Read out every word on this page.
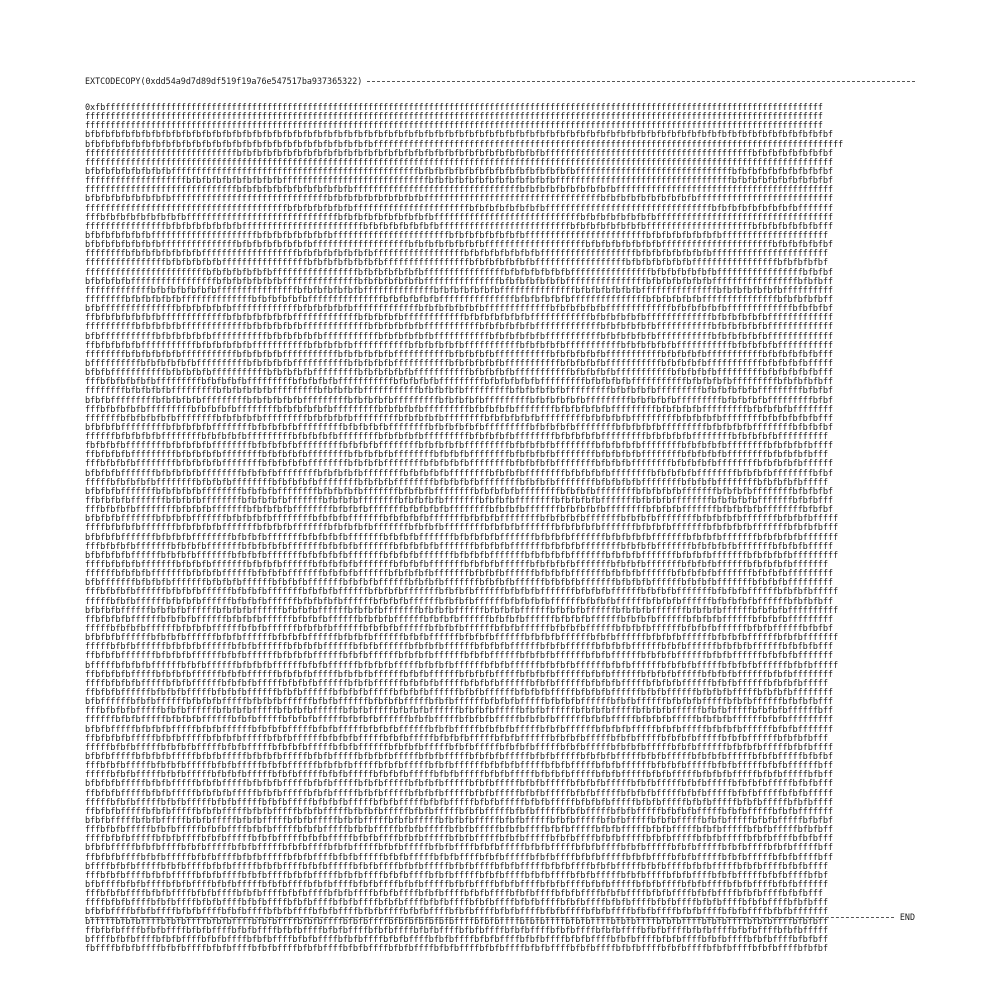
EXTCODECOPY(0xdd54a9d7d89df519f19a76e547517ba937365322)
0xfbffffffffffffffffffffffffffffffffffffffffffffffffffffffffffffffffffffffffffffffffffffffffffffffffffffffffffffffffffffffffffffffffffffffffffffff
ffffffffffffffffffffffffffffffffffffffffffffffffffffffffffffffffffffffffffffffffffffffffffffffffffffffffffffffffffffffffffffffffffffffffffffffffff
ffffffffffffffffffffffffffffffffffffffffffffffffffffffffffffffffffffffffffffffffffffffffffffffffffffffffffffffffffffffffffffffffffffffffffffffffff
bfbfbfbfbfbfbfbfbfbfbfbfbfbfbfbfbfbfbfbfbfbfbfbfbfbfbfbfbfbfbfbfbfbfbfbfbfbfbfbfbfbfbfbfbfbfbfbfbfbfbfbfbfbfbfbfbfbfbfbfbfbfbfbfbfbfbfbfbfbfbfbfbfbf
bfbfbfbfbfbfbfbfbfbfbfbfbfbfbfbfbfbfbfbfbfbfbfbfbfbfbfbfbfffffffffffffffffffffffffffffffffffffffffffffffffffffffffffffffffffffffffffffffffffffffffffff
ffffffffffffffffffffffffffffffbfbfbfbfbfbfbfbfbfbfbfbfbfbfbfbfbfbfbfbfbfbfbfbfbfbfbfbfbfbfbfffffffffffffffffffffffffffffffffffffffffbfbfbfbfbfbfbfbf
ffffffffffffffffffffffffffffffffffffffffffffffffffffffffffffffffffffffffffffffffffffffffffffffffffffffffffffffffffffffffffffffffffffffffffffffffffff
bfbfbfbfbfbfbfbfbfffffffffffffffffffffffffffffffffffffffffffffffffbfbfbfbfbfbfbfbfbfbfbfbfbfbfbfbfffffffffffffffffffffffffffffffbfbfbfbfbfbfbfbfbfbf
ffffffffffffffffffffbfbfbfbfbfbfbfbfbfbfffffffffffffffffffffffffffffbfbfbfbfbfbfbfbfbfbfbfbfbfffffffffffffffffffffffffffffffffffbfbfbfbfbfbfbfbfbfbf
ffffffffffffffffffffffffffffffbfbfbfbfbfbfbfbfbfbfbfbfffffffffffffffffffffffffffffffffbfbfbfbfbfbfbfbfbfbfffffffffffffffffffffffffffffffffffffffffff
bfbfbfbfbfbfbfbfbfffffffffffffffffffffffffffffffbfbfbfbfbfbfbfbfbfbfffffffffffffffffffffffffffffffffffbfbfbfbfbfbfbfbfbfbfffffffffffffffffffffffffff
ffffffffffffffffffffffffffffffffffffffffbfbfbfbfbfbfbfffffffffffffffffffffffbfbfbfbfbfbfbfbfffffffffffffffffffffffffffffffffbfbfbfbfbfbfbfbfbfffffff
fffbfbfbfbfbfbfbfbfbffffffffffffffffffffffffffffffbfbfbfbfbfbfbfbfbfbfffffffffffffffffffffffffffffbfbfbfbfbfbfbfbfffffffffffffffffffffffffffffffffff
ffffffffffffffffbfbfbfbfbfbfbfbffffffffffffffffffffffffbfbfbfbfbfbfbfbffffffffffffffffffffffffffbfbfbfbfbfbfbfbfffffffffffffffffffffbfbfbfbfbfbfbfff
bfbfbfbfbfbfbfffffffffffffffffffffbfbfbfbfbfbfbfbfffffffffffffffffffffffbfbfbfbfbfbfbfbffffffffffffffffffffffffbfbfbfbfbfbfbfbfffffffffffffffffffff
bfbfbfbfbfbfbfbfffffffffffffffbfbfbfbfbfbfbfbfffffffffffffffffffbfbfbfbfbfbfbfbffffffffffffffffffffbfbfbfbfbfbfbfbffffffffffffffffffffffbfbfbfbfbfbf
ffffffffbfbfbfbfbfbfbfbfffffffffffffffffffbfbfbfbfbfbfbfbffffffffffffffffffbfbfbfbfbfbfbfbfffffffffffffffffffbfbfbfbfbfbfbfbfffffffffffffffffffffff
ffffffffffffffffbfbfbfbfbfbfffffffffffffffffbfbfbfbfbfbfbfbfffffffffffffffffbfbfbfbfbfbfbffffffffffffffffffbfbfbfbfbfbfbfffffffffffffffffbfbfbfbfbf
ffffffffffffffffffffffffbfbfbfbfbfbfbfffffffffffffffffbfbfbfbfbfbfbffffffffffffffffbfbfbfbfbfbfbffffffffffffffffbfbfbfbfbfbfbfffffffffffffffffbfbfbf
bfbfbfbfbfffffffffffffffffbfbfbfbfbfbfbfffffffffffffffbfbfbfbfbfbfbfffffffffffffffbfbfbfbfbfbfbffffffffffffffffbfbfbfbfbfbfbfffffffffffffffffbfbfbff
fffffffffffffbfbfbfbfbfbfbffffffffffffffffbfbfbfbfbfbfbffffffffffffffbfbfbfbfbfbfbfffffffffffffffbfbfbfbfbfbfbfffffffffffffffbfbfbfbfbfbfbffffffffff
ffffffffbfbfbfbfbfbffffffffffffffbfbfbfbfbfbfffffffffffffffbfbfbfbfbfbfffffffffffffffbfbfbfbfbfbfffffffffffffffbfbfbfbfbfbfffffffffffffffbfbfbfbfbff
bfbfffffffffffffffbfbfbfbfbfbfffffffffffffbfbfbfbfbfbfffffffffffffbfbfbfbfbfbfbfffffffffffffbfbfbfbfbfbfffffffffffffbfbfbfbfbfbfffffffffffffbfbfbfbf
ffbfbfbfbfbfbfbfffffffffffffbfbfbfbfbfbfbfffffffffffffbfbfbfbfbffffffffffffbfbfbfbfbfbfbffffffffffffbfbfbfbfbfbfffffffffffffbfbfbfbfbfbfffffffffffff
ffffffffffbfbfbfbfbfffffffffffffbfbfbfbfbfbfffffffffffffbfbfbfbfbfbfffffffffffbfbfbfbfbfbfffffffffffffbfbfbfbfbfbfffffffffffbfbfbfbfbfbfffffffffffff
bfbfffffffffffbfbfbfbfbfbfffffffffffbfbfbfbfbfbfffffffffffbfbfbfbfbfbfffffffffffbfbfbfbfbfbfffffffffffbfbfbfbfbfbfffffffffffbfbfbfbfbfbfffffffffffff
ffbfbfbfbfbfffffffffffbfbfbfbfbfbfffffffffffbfbfbfbfbfffffffffffbfbfbfbfbfbfffffffffffbfbfbfbfbfffffffffffbfbfbfbfbfbfffffffffffbfbfbfbfbfffffffffff
ffffffffbfbfbfbfbfbfffffffffffbfbfbfbfbfffffffffffbfbfbfbfbfbfffffffffffbfbfbfbfbfffffffffffbfbfbfbfbfbfffffffffffbfbfbfbfbfffffffffffbfbfbfbfbfbfff
bffffffffffbfbfbfbfbfbffffffffffbfbfbfbfbfffffffffffbfbfbfbfbfffffffffffbfbfbfbfbfbfffffffffffbfbfbfbfbfffffffffffbfbfbfbfbfffffffffffbfbfbfbfbfffff
bfbfbfffffffffffbfbfbfbfbfffffffffffbfbfbfbfbfffffffffbfbfbfbfbfbfffffffffffbfbfbfbfbfffffffffffbfbfbfbfbfffffffffffbfbfbfbfbfffffffffbfbfbfbfbfbfff
fffbfbfbfbfbfbfffffffffbfbfbfbfbfffffffffbfbfbfbfbfffffffffffbfbfbfbfbfffffffffbfbfbfbfbfbfffffffffbfbfbfbfbfffffffffffbfbfbfbfbfffffffffbfbfbfbfbff
ffffffffbfbfbfbfbfffffffffbfbfbfbfbfbfffffffffbfbfbfbfbfffffffffffbfbfbfbfbfffffffffbfbfbfbfbfbfffffffffbfbfbfbfbfffffffffbfbfbfbfbfbfffffffffbfbfbf
bfbfbfffffffffbfbfbfbfbfffffffffbfbfbfbfbfbfffffffffbfbfbfbfbfffffffffbfbfbfbfbfffffffffbfbfbfbfbfbfffffffffbfbfbfbfbfffffffffbfbfbfbfbfffffffffbfbf
fffbfbfbfbfbfffffffffbfbfbfbfbffffffffbfbfbfbfbfbfffffffffbfbfbfbfbfffffffffbfbfbfbfbffffffffbfbfbfbfbfbfffffffffbfbfbfbfbfffffffffbfbfbfbfbffffffff
fffffffbfbfbfbfbfbffffffffbfbfbfbfbfffffffffbfbfbfbfbfffffffffbfbfbfbfbffffffffbfbfbfbfbfbfffffffffbfbfbfbfbfffffffffbfbfbfbfbffffffffbfbfbfbfbfbfff
bfbfbfbfffffffffbfbfbfbfbffffffffbfbfbfbfbfffffffffbfbfbfbfbffffffffbfbfbfbfbfbfffffffffbfbfbfbfbffffffffbfbfbfbfbfffffffffbfbfbfbfbffffffffbfbfbfbf
ffffffbfbfbfbfbffffffffbfbfbfbfbfffffffffbfbfbfbfbffffffffbfbfbfbfbfffffffffbfbfbfbfbffffffffbfbfbfbfbfffffffffbfbfbfbfbffffffffbfbfbfbfbffffffffff
fbfbfbfbffffffffbfbfbfbfbffffffffbfbfbfbfbfffffffffbfbfbfbffffffffbfbfbfbfbfffffffffbfbfbfbfbffffffffbfbfbfbfbffffffffbfbfbfbfbffffffffbfbfbfbfbffff
ffbfbfbfbfffffffffbfbfbfbfbffffffffbfbfbfbfbffffffffbfbfbfbfbffffffffbfbfbfbffffffffbfbfbfbfbffffffffbfbfbfbfbffffffffbfbfbfbfbffffffffbfbfbfbfbfff
fffbfbfbfbffffffffbfbfbfbfbffffffffbfbfbfbfbffffffffbfbfbfbffffffffbfbfbfbfbffffffffbfbfbfbfbffffffffbfbfbfbffffffffbfbfbfbfbffffffffbfbfbfbfbffffff
bfbfbfbfffffffbfbfbfbfbffffffffbfbfbfbffffffffbfbfbfbfbffffffffbfbfbfbfbffffffffbfbfbfbffffffffbfbfbfbfbffffffffbfbfbfbfbffffffffbfbfbfbffffffffbfbf
fffffbfbfbfbfbffffffffbfbfbfbffffffffbfbfbfbfbffffffffbfbfbfbffffffffbfbfbfbfbffffffffbfbfbfbffffffffbfbfbfbfbffffffffbfbfbfbffffffffbfbfbfbfbfffff
bfbfbfbfffffffbfbfbfbfbffffffffbfbfbfbffffffffbfbfbfbfbfffffffbfbfbfbffffffffbfbfbfbfbffffffffbfbfbfbffffffffbfbfbfbfbfffffffbfbfbfbffffffffbfbfbfbf
ffbfbfbfbfffffffbfbfbfbffffffffbfbfbfbfbfffffffbfbfbfbffffffffbfbfbfbfbfffffffbfbfbfbffffffffbfbfbfbfbfffffffbfbfbfbffffffffbfbfbfbfbfffffffbfbfbfff
fffbfbfbfbffffffffbfbfbfbfffffffbfbfbfbfbffffffffbfbfbfbfffffffbfbfbfbfbffffffffbfbfbfbfffffffbfbfbfbfbffffffffbfbfbfbfffffffbfbfbfbfbffffffffbfbfbf
bfbfbfbfffffffbfbfbfbfffffffbfbfbfbfbffffffffbfbfbfbfffffffbfbfbfbfbfffffffbfbfbfbffffffffbfbfbfbfbfffffffbfbfbfbffffffffbfbfbfbfbfffffffbfbfbfbfffff
ffffbfbfbfbfffffffbfbfbfbfbfffffffbfbfbfbfffffffbfbfbfbfbfffffffbfbfbfbffffffffbfbfbfbfffffffbfbfbfbfbfffffffbfbfbfbfffffffbfbfbfbfbfffffffbfbfbfbfff
bfbfbfbfffffffbfbfbfbffffffffbfbfbfbfffffffbfbfbfbfbfffffffbfbfbfbfffffffbfbfbfbfbfffffffbfbfbfbfffffffbfbfbfbfbfffffffbfbfbfbfffffffbfbfbfbfbfffffff
fffbfbfbfbfffffffbfbfbfbfffffffbfbfbfbfbfffffffbfbfbfbfffffffbfbfbfbfbfffffffbfbfbfbfffffffbfbfbfbffffffffbfbfbfbfffffffbfbfbfbfbfffffffbfbfbfbfffff
bfbfbfbfbffffffbfbfbfbfffffffbfbfbfbfffffffbfbfbfbfbfffffffbfbfbfbfffffffbfbfbfbfffffffbfbfbfbfbfffffffbfbfbfbfffffffbfbfbfbfffffffbfbfbfbfbfffffffff
ffffbfbfbfbfffffffbfbfbfbfffffffbfbfbfbffffffbfbfbfbfbfffffffbfbfbfbfffffffbfbfbfbffffffbfbfbfbfbfffffffbfbfbfbfffffffbfbfbfbffffffbfbfbfbfbfffffff
ffffffbfbfbfbfffffffbfbfbfbffffffbfbfbfbfffffffbfbfbfbffffffbfbfbfbfbfffffffbfbfbfbffffffbfbfbfbfffffffbfbfbfbffffffbfbfbfbfbfffffffbfbfbfbfffffffff
bfbfffffffbfbfbfbfffffffbfbfbfbffffffbfbfbfbfffffffbfbfbfbffffffbfbfbfbfffffffbfbfbfbffffffbfbfbfbfffffffbfbfbfbffffffbfbfbfbfffffffbfbfbfbfffffffff
fffbfbfbfbffffffbfbfbfbffffffbfbfbfbfffffffbfbfbfbffffffbfbfbfbfffffffbfbfbfbffffffbfbfbfbfffffffbfbfbfbffffffbfbfbfbfffffffbfbfbfbffffffbfbfbfbfffff
fffffbfbfbffffffbfbfbfbffffffbfbfbfbffffffbfbfbfbfbffffffbfbfbfbffffffbfbfbfbffffffbfbfbfbfbffffffbfbfbfbffffffbfbfbfbffffffbfbfbfbfbffffffbfbfbfbff
bfbfbfbffffffbfbfbfbffffffbfbfbfbffffffbfbfbfbffffffbfbfbfbfffffffbfbfbfbffffffbfbfbfbffffffbfbfbfbffffffbfbfbfbfffffffbfbfbfbffffffbfbfbfbffffffffff
ffbfbfbfbffffffbfbfbfbffffffbfbfbfbffffffbfbfbfbffffffbfbfbfbffffffbfbfbfbffffffbfbfbfbffffffbfbfbfbffffffbfbfbfbffffffbfbfbfbffffffbfbfbfbfffffffff
fffffbfbfbfbffffffbfbfbfbffffffbfbfbffffffbfbfbfbffffffbfbfbfbffffffbfbfbfbffffffbfbfbffffffbfbfbfbffffffbfbfbfbffffffbfbfbfbffffffbfbfbffffffbfbfbf
bfbfbfbffffffbfbfbfbffffffbfbfbffffffbfbfbfbffffffbfbfbfbffffffbfbfbffffffbfbfbfbffffffbfbfbfbffffffbfbfbffffffbfbfbfbffffffbfbfbfbffffffbfbfbfffffff
fffffbfbfbffffffbfbfbfbffffffbfbfbffffffbfbfbfbffffffbfbfbffffffbfbfbfbffffffbfbfbfbffffffbfbfbffffffbfbfbfbffffffbfbfbffffffbfbfbfbffffffbfbfbfbfff
ffbfbfbfffffffbfbfbfbffffffbfbfbffffffbfbfbfbffffffbfbfbffffffbfbfbfbffffffbfbfbffffffbfbfbfbffffffbfbfbffffffbfbfbfbffffffbfbfbffffffbfbfbfbfffffff
bfffffbfbfbfbffffffbfbfbffffffbfbfbfbffffffbfbfbffffffbfbfbfbfffffbfbfbfbffffffbfbfbffffffbfbfbfbffffffbfbfbffffffbfbfbfbfffffbfbfbfbffffffbfbfbfffff
ffbfbfbfbfffffbfbfbfbffffffbfbfbffffffbfbfbfbfffffbfbfbfbffffffbfbfbffffffbfbfbfbfffffbfbfbfbffffffbfbfbffffffbfbfbfbfffffbfbfbfbffffffbfbfbffffffff
ffffbfbfbfbfffffbfbfbffffffbfbfbfbfffffbfbfbfbffffffbfbfbffffffbfbfbfbfffffbfbfbfbffffffbfbfbffffffbfbfbfbfffffbfbfbfbffffffbfbfbffffffbfbfbfbfffff
ffbfbfbffffffbfbfbfbfffffbfbfbfbffffffbfbfbffffffbfbfbfbfffffbfbfbfbffffffbfbfbffffffbfbfbfbfffffbfbfbfbffffffbfbfbffffffbfbfbfbfffffbfbfbfbffffffff
bfbffffffbfbfbffffffbfbfbfbfffffbfbfbfbffffffbfbfbffffffbfbfbfbfffffbfbfbffffffbfbfbfbfffffbfbfbfbffffffbfbfbffffffbfbfbfbfffffbfbfbffffffbfbfbfbfff
fffbfbfbfbfffffbfbfbffffffbfbfbfbfffffbfbfbfbffffffbfbfbfffffbfbfbfbffffffbfbfbfbfffffbfbfbffffffbfbfbfbfffffbfbfbfbffffffbfbfbfffffbfbfbfbffffffbff
ffffffbfbfbfffffbfbfbfbffffffbfbfbfffffbfbfbfbfffffbfbfbfbffffffbfbfbfffffbfbfbfbfffffbfbfbfbffffffbfbfbfffffbfbfbfbfffffbfbfbfbffffffbfbfbfffffffff
bfbfbfffffbfbfbfbfffffbfbfbffffffbfbfbfbfffffbfbfbfffffbfbfbfbffffffbfbfbfffffbfbfbfbfffffbfbfbffffffbfbfbfbfffffbfbfbfffffbfbfbfbffffffbfbfbfffffff
ffbfbfbfbfffffbfbfbfffffbfbfbfbfffffbfbfbffffffbfbfbfbfffffbfbfbfffffbfbfbfbfffffbfbfbffffffbfbfbfbfffffbfbfbfffffbfbfbfbfffffbfbfbffffffbfbfbfbfff
fffffbfbfbfffffbfbfbfbfffffbfbfbfffffbfbfbfbfffffbfbfbffffffbfbfbfbfffffbfbfbfffffbfbfbfbfffffbfbfbfffffbfbfbfbfffffbfbfbffffffbfbfbfbfffffbfbfbffff
bfbfbfffffbfbfbfbfffffbfbfbfffffbfbfbfbfffffbfbfbfffffbfbfbfbfffffbfbfbfffffbfbfbfbfffffbfbfbfffffbfbfbfbfffffbfbfbfffffbfbfbfbfffffbfbfbfffffbfbfbf
fffbfbfbfffffbfbfbfbfffffbfbfbfffffbfbfbffffffbfbfbfbfffffbfbfbfffffbfbfbffffffbfbfbfbfffffbfbfbfffffbfbfbffffffbfbfbfbfffffbfbfbfffffbfbfbffffffbff
fffffbfbfbfffffbfbfbfffffbfbfbfbfffffbfbfbfffffbfbfbfffffbfbfbfbfffffbfbfbfffffbfbfbfffffbfbfbfbfffffbfbfbfffffbfbfbfffffbfbfbfbfffffbfbfbfffffbfbff
bfbfbfbfffffbfbfbfffffbfbfbfffffbfbfbfbfffffbfbfbfffffbfbfbfffffbfbfbfbfffffbfbfbfffffbfbfbfffffbfbfbfbfffffbfbfbfffffbfbfbfffffbfbfbfbfffffbfbfbfff
ffbfbfbfffffbfbfbfffffbfbfbfbfffffbfbfbfffffbfbfbfffffbfbfbfffffbfbfbfbfffffbfbfbfffffbfbfbfffffbfbfbfffffbfbfbfbfffffbfbfbfffffbfbfbfffffbfbfbfffff
fffffbfbfbfffffbfbfbfffffbfbfbfffffbfbfbfffffbfbfbfbfffffbfbfbfffffbfbfbfffffbfbfbfffffbfbfbfffffbfbfbfbfffffbfbfbfffffbfbfbfffffbfbfbfffffbfbfbffff
ffbfbfbfffffbfbfbfffffbfbfbfffffbfbfbfffffbfbfbfffffbfbfbfbfffffbfbfbfffffbfbfbfffffbfbfbfffffbfbfbfffffbfbfbfffffbfbfbfbfffffbfbfbfffffbfbfbfffffff
bfbfbfffffbfbfbfffffbfbfbfffffbfbfbfffffbfbfbfffffbfbfbfffffbfbfbfffffbfbfbfbfffffbfbfbfffffbfbfbfffffbfbfbfffffbfbfbfffffbfbfbfffffbfbfbfffffbfbfbf
fffbfbfbfffffbfbfbfffffbfbfbffffbfbfbfffffbfbfbfffffbfbfbfffffbfbfbfffffbfbfbfffffbfbfbffffbfbfbfffffbfbfbfffffbfbfbfffffbfbfbfffffbfbfbfffffbfbfbff
ffffbfbfbfffffbfbfbffffbfbfbfffffbfbfbfffffbfbfbfffffbfbfbffffbfbfbfffffbfbfbfffffbfbfbfffffbfbfbffffbfbfbfffffbfbfbfffffbfbfbfffffbfbfbffffbfbfbfff
bfbfbfffffbfbfbffffbfbfbfffffbfbfbfffffbfbfbffffbfbfbfffffbfbfbfffffbfbfbffffbfbfbfffffbfbfbfffffbfbfbffffbfbfbfffffbfbfbfffffbfbfbffffbfbfbfffffbff
ffbfbfbffffbfbfbfffffbfbfbffffbfbfbfffffbfbfbffffbfbfbfffffbfbfbfffffbfbfbffffbfbfbfffffbfbfbffffbfbfbfffffbfbfbffffbfbfbfffffbfbfbfffffbfbfbffffbff
bffffbfbfbfffffbfbfbffffbfbfbfffffbfbfbffffbfbfbfffffbfbfbffffbfbfbfffffbfbfbffffbfbfbfffffbfbfbffffbfbfbfffffbfbfbffffbfbfbfffffbfbfbffffbfbfbffff
fffbfbfbffffbfbfbfffffbfbfbffffbfbfbffffbfbfbfffffbfbfbffffbfbfbffffbfbfbfffffbfbfbffffbfbfbffffbfbfbfffffbfbfbffffbfbfbffffbfbfbfffffbfbfbffffbfbf
bfbffffbfbfbffffbfbfbffffbfbfbfffffbfbfbffffbfbfbffffbfbfbffffbfbfbfffffbfbfbffffbfbfbffffbfbfbffffbfbfbfffffbfbfbffffbfbfbffffbfbfbffffbfbfbffffff
fffbfbfbffffbfbfbffffbfbfbffffbfbfbffffbfbfbffffbfbfbffffbfbfbffffbfbfbffffbfbfbffffbfbfbffffbfbfbffffbfbfbffffbfbfbffffbfbfbffffbfbfbffffbfbfbfff
ffffbfbfbffffbfbfbffffbfbfbffffbfbfbffffbfbfbffffbfbfbffffbfbfbffffbfbfbffffbfbfbffffbfbfbffffbfbfbffffbfbfbffffbfbfbffffbfbfbffffbfbfbffffbfbfbfff
bfbfbffffbfbfbffffbfbfbffffbfbfbffffbfbfbffffbfbfbffffbfbfbffffbfbfbffffbfbfbffffbfbfbffffbfbfbffffbfbfbffffbfbfbffffbfbfbffffbfbfbffffbfbfbfffffff
bfffffbfbfbffffbfbfbffffbfbfbffffbfbfbffffbfbfbffffbfbfbffffbfbfbfbfbfbfbffffbfbfbffffbfbfbffffbfbfbffffbfbfbffffbfbfbffffbfbfbffffbfbfbffffbfbfbff
ffbfbfbffffbfbfbffffbfbfbffffbfbfbffffbfbfbffffbfbfbffffbfbfbffffbfbfbffffbfbfbffffbfbfbffffbfbfbffffbfbfbffffbfbfbffffbfbfbffffbfbfbffffbfbfbfffff
bffffbfbfbffffbfbfbffffbfbfbffffbfbfbffffbfbfbffffbfbfbffffbfbfbffffbfbfbffffbfbfbffffbfbfbffffbfbfbffffbfbfbffffbfbfbffffbfbfbffffbfbfbffffbfbfbff
fbffffbfbfbffffbfbfbffffbfbfbffffbfbfbffffbfbfbffffbfbfbffffbfbfbffffbfbfbffffbfbfbffffbfbfbffffbfbfbffffbfbfbffffbfbfbffffbfbfbffffbfbfbffffbfbfbf
END
